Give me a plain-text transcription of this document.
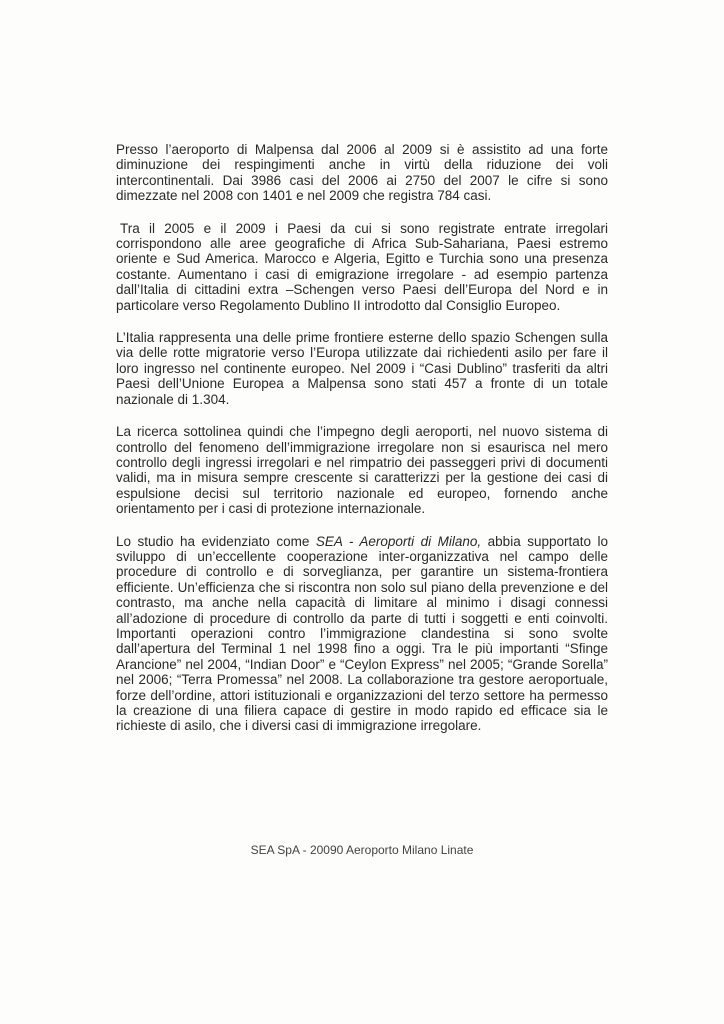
Presso l’aeroporto di Malpensa dal 2006 al 2009 si è assistito ad una forte diminuzione dei respingimenti anche in virtù della riduzione dei voli intercontinentali. Dai 3986 casi del 2006 ai 2750 del 2007 le cifre si sono dimezzate nel 2008 con 1401 e nel 2009 che registra 784 casi.

Tra il 2005 e il 2009 i Paesi da cui si sono registrate entrate irregolari corrispondono alle aree geografiche di Africa Sub-Sahariana, Paesi estremo oriente e Sud America. Marocco e Algeria, Egitto e Turchia sono una presenza costante. Aumentano i casi di emigrazione irregolare - ad esempio partenza dall’Italia di cittadini extra –Schengen verso Paesi dell’Europa del Nord e in particolare verso Regolamento Dublino II introdotto dal Consiglio Europeo.

L’Italia rappresenta una delle prime frontiere esterne dello spazio Schengen sulla via delle rotte migratorie verso l’Europa utilizzate dai richiedenti asilo per fare il loro ingresso nel continente europeo. Nel 2009 i “Casi Dublino” trasferiti da altri Paesi dell’Unione Europea a Malpensa sono stati 457 a fronte di un totale nazionale di 1.304.

La ricerca sottolinea quindi che l’impegno degli aeroporti, nel nuovo sistema di controllo del fenomeno dell’immigrazione irregolare non si esaurisca nel mero controllo degli ingressi irregolari e nel rimpatrio dei passeggeri privi di documenti validi, ma in misura sempre crescente si caratterizzi per la gestione dei casi di espulsione decisi sul territorio nazionale ed europeo, fornendo anche orientamento per i casi di protezione internazionale.

Lo studio ha evidenziato come SEA - Aeroporti di Milano, abbia supportato lo sviluppo di un’eccellente cooperazione inter-organizzativa nel campo delle procedure di controllo e di sorveglianza, per garantire un sistema-frontiera efficiente. Un’efficienza che si riscontra non solo sul piano della prevenzione e del contrasto, ma anche nella capacità di limitare al minimo i disagi connessi all’adozione di procedure di controllo da parte di tutti i soggetti e enti coinvolti. Importanti operazioni contro l’immigrazione clandestina si sono svolte dall’apertura del Terminal 1 nel 1998 fino a oggi. Tra le più importanti “Sfinge Arancione” nel 2004, “Indian Door” e “Ceylon Express” nel 2005; “Grande Sorella” nel 2006; “Terra Promessa” nel 2008. La collaborazione tra gestore aeroportuale, forze dell’ordine, attori istituzionali e organizzazioni del terzo settore ha permesso la creazione di una filiera capace di gestire in modo rapido ed efficace sia le richieste di asilo, che i diversi casi di immigrazione irregolare.

SEA SpA - 20090 Aeroporto Milano Linate
